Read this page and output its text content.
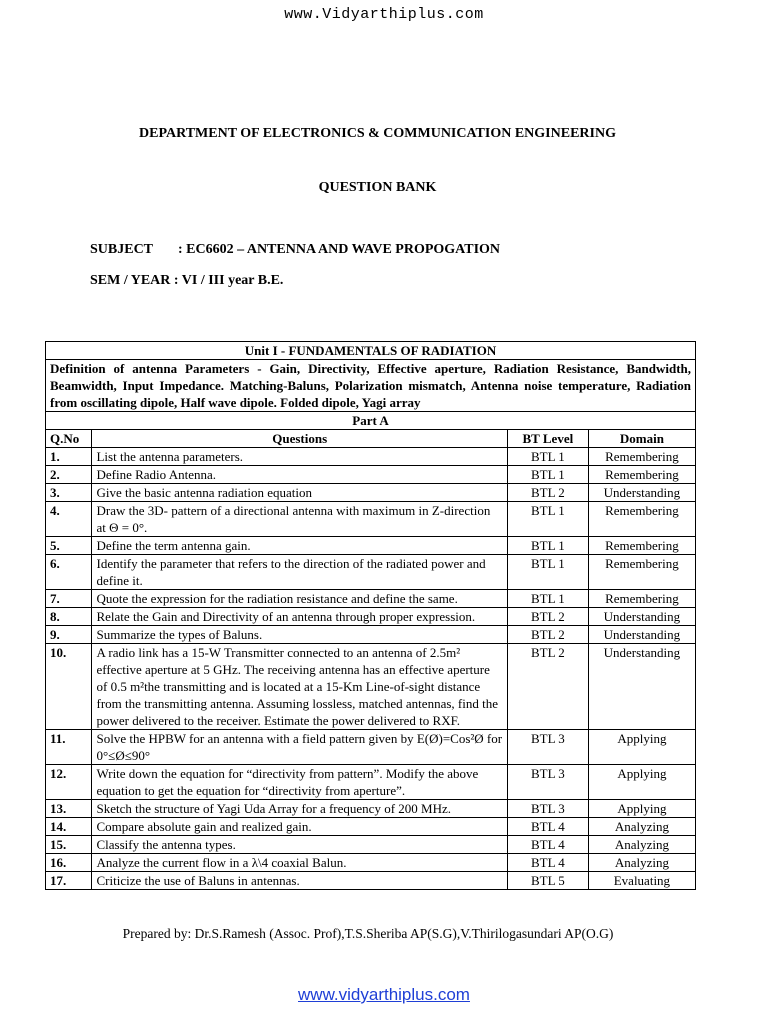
www.Vidyarthiplus.com
DEPARTMENT OF ELECTRONICS & COMMUNICATION ENGINEERING
QUESTION BANK
SUBJECT : EC6602 – ANTENNA AND WAVE PROPOGATION
SEM / YEAR : VI / III year B.E.
Unit I - FUNDAMENTALS OF RADIATION			
Definition of antenna Parameters - Gain, Directivity, Effective aperture, Radiation Resistance, Bandwidth, Beamwidth, Input Impedance. Matching-Baluns, Polarization mismatch, Antenna noise temperature, Radiation from oscillating dipole, Half wave dipole. Folded dipole, Yagi array			
Part A			
Q.No	Questions	BT Level	Domain
1.	List the antenna parameters.	BTL 1	Remembering
2.	Define Radio Antenna.	BTL 1	Remembering
3.	Give the basic antenna radiation equation	BTL 2	Understanding
4.	Draw the 3D- pattern of a directional antenna with maximum in Z-direction at Θ = 0°.	BTL 1	Remembering
5.	Define the term antenna gain.	BTL 1	Remembering
6.	Identify the parameter that refers to the direction of the radiated power and define it.	BTL 1	Remembering
7.	Quote the expression for the radiation resistance and define the same.	BTL 1	Remembering
8.	Relate the Gain and Directivity of an antenna through proper expression.	BTL 2	Understanding
9.	Summarize the types of Baluns.	BTL 2	Understanding
10.	A radio link has a 15-W Transmitter connected to an antenna of 2.5m² effective aperture at 5 GHz. The receiving antenna has an effective aperture of 0.5 m²the transmitting and is located at a 15-Km Line-of-sight distance from the transmitting antenna. Assuming lossless, matched antennas, find the power delivered to the receiver. Estimate the power delivered to RXF.	BTL 2	Understanding
11.	Solve the HPBW for an antenna with a field pattern given by E(Ø)=Cos²Ø for 0°≤Ø≤90°	BTL 3	Applying
12.	Write down the equation for “directivity from pattern”. Modify the above equation to get the equation for “directivity from aperture”.	BTL 3	Applying
13.	Sketch the structure of Yagi Uda Array for a frequency of 200 MHz.	BTL 3	Applying
14.	Compare absolute gain and realized gain.	BTL 4	Analyzing
15.	Classify the antenna types.	BTL 4	Analyzing
16.	Analyze the current flow in a λ\4 coaxial Balun.	BTL 4	Analyzing
17.	Criticize the use of Baluns in antennas.	BTL 5	Evaluating
Prepared by: Dr.S.Ramesh (Assoc. Prof),T.S.Sheriba AP(S.G),V.Thirilogasundari AP(O.G)
www.vidyarthiplus.com
